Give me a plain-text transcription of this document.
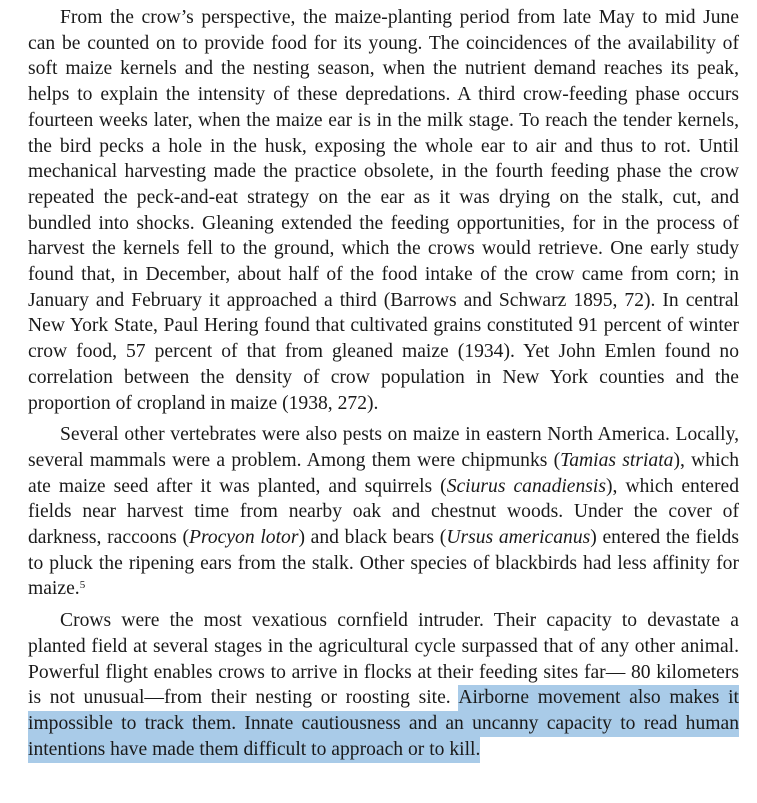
From the crow’s perspective, the maize-planting period from late May to mid June can be counted on to provide food for its young. The coincidences of the availability of soft maize kernels and the nesting season, when the nutrient demand reaches its peak, helps to explain the intensity of these depredations. A third crow-feeding phase occurs fourteen weeks later, when the maize ear is in the milk stage. To reach the tender kernels, the bird pecks a hole in the husk, exposing the whole ear to air and thus to rot. Until mechanical harvesting made the practice obsolete, in the fourth feeding phase the crow repeated the peck-and-eat strategy on the ear as it was drying on the stalk, cut, and bundled into shocks. Gleaning extended the feeding opportunities, for in the process of harvest the kernels fell to the ground, which the crows would retrieve. One early study found that, in December, about half of the food intake of the crow came from corn; in January and February it approached a third (Barrows and Schwarz 1895, 72). In central New York State, Paul Hering found that cultivated grains constituted 91 percent of winter crow food, 57 percent of that from gleaned maize (1934). Yet John Emlen found no correlation between the density of crow population in New York counties and the proportion of cropland in maize (1938, 272).

Several other vertebrates were also pests on maize in eastern North America. Locally, several mammals were a problem. Among them were chipmunks (Tamias striata), which ate maize seed after it was planted, and squirrels (Sciurus canadiensis), which entered fields near harvest time from nearby oak and chestnut woods. Under the cover of darkness, raccoons (Procyon lotor) and black bears (Ursus americanus) entered the fields to pluck the ripening ears from the stalk. Other species of blackbirds had less affinity for maize.$^5$

Crows were the most vexatious cornfield intruder. Their capacity to devastate a planted field at several stages in the agricultural cycle surpassed that of any other animal. Powerful flight enables crows to arrive in flocks at their feeding sites far— 80 kilometers is not unusual—from their nesting or roosting site. Airborne movement also makes it impossible to track them. Innate cautiousness and an uncanny capacity to read human intentions have made them difficult to approach or to kill.
